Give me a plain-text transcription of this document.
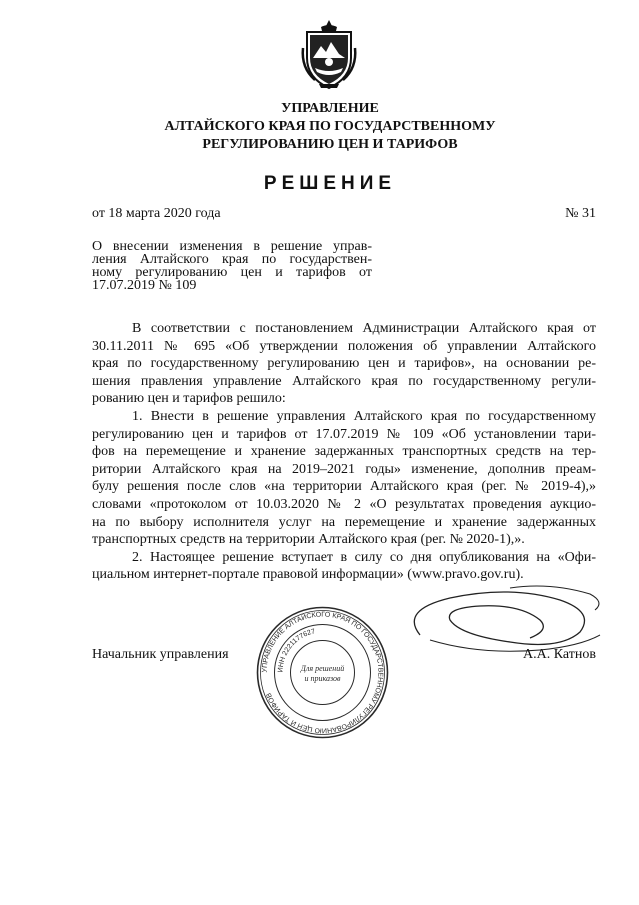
УПРАВЛЕНИЕ
АЛТАЙСКОГО КРАЯ ПО ГОСУДАРСТВЕННОМУ
РЕГУЛИРОВАНИЮ ЦЕН И ТАРИФОВ
РЕШЕНИЕ
от 18 марта 2020 года	№ 31
О внесении изменения в решение управ-
ления Алтайского края по государствен-
ному регулированию цен и тарифов от
17.07.2019 № 109
В соответствии с постановлением Администрации Алтайского края от
30.11.2011 № 695 «Об утверждении положения об управлении Алтайского
края по государственному регулированию цен и тарифов», на основании ре-
шения правления управление Алтайского края по государственному регули-
рованию цен и тарифов решило:
1. Внести в решение управления Алтайского края по государственному
регулированию цен и тарифов от 17.07.2019 № 109 «Об установлении тари-
фов на перемещение и хранение задержанных транспортных средств на тер-
ритории Алтайского края на 2019–2021 годы» изменение, дополнив преам-
булу решения после слов «на территории Алтайского края (рег. № 2019-4),»
словами «протоколом от 10.03.2020 № 2 «О результатах проведения аукцио-
на по выбору исполнителя услуг на перемещение и хранение задержанных
транспортных средств на территории Алтайского края (рег. № 2020-1),».
2. Настоящее решение вступает в силу со дня опубликования на «Офи-
циальном интернет-портале правовой информации» (www.pravo.gov.ru).
Начальник управления	А.А. Катнов
УПРАВЛЕНИЕ АЛТАЙСКОГО КРАЯ ПО ГОСУДАРСТВЕННОМУ РЕГУЛИРОВАНИЮ ЦЕН И ТАРИФОВ
ИНН 2221177627
Для решений
и приказов
